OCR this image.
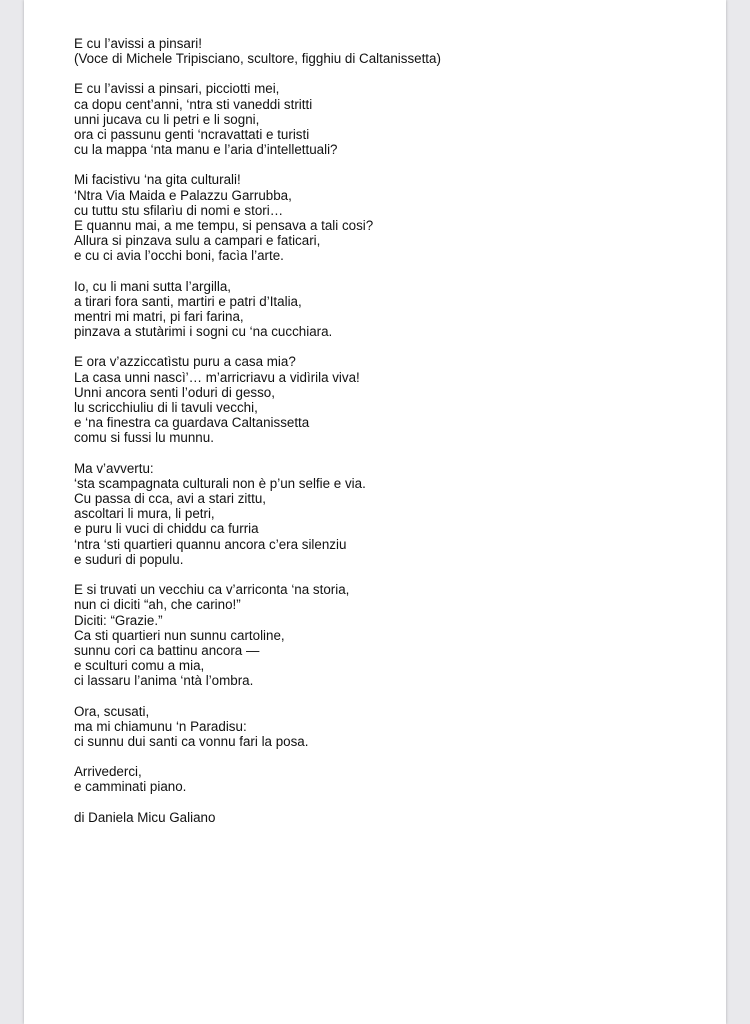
E cu l’avissi a pinsari!
(Voce di Michele Tripisciano, scultore, figghiu di Caltanissetta)
E cu l’avissi a pinsari, picciotti mei,
ca dopu cent’anni, ‘ntra sti vaneddi stritti
unni jucava cu li petri e li sogni,
ora ci passunu genti ‘ncravattati e turisti
cu la mappa ‘nta manu e l’aria d’intellettuali?
Mi facistivu ‘na gita culturali!
‘Ntra Via Maida e Palazzu Garrubba,
cu tuttu stu sfilarìu di nomi e stori…
E quannu mai, a me tempu, si pensava a tali cosi?
Allura si pinzava sulu a campari e faticari,
e cu ci avia l’occhi boni, facìa l’arte.
Io, cu li mani sutta l’argilla,
a tirari fora santi, martiri e patri d’Italia,
mentri mi matri, pi fari farina,
pinzava a stutàrimi i sogni cu ‘na cucchiara.
E ora v’azziccatìstu puru a casa mia?
La casa unni nascì’… m’arricriavu a vidìrila viva!
Unni ancora senti l’oduri di gesso,
lu scricchiuliu di li tavuli vecchi,
e ‘na finestra ca guardava Caltanissetta
comu si fussi lu munnu.
Ma v’avvertu:
‘sta scampagnata culturali non è p’un selfie e via.
Cu passa di cca, avi a stari zittu,
ascoltari li mura, li petri,
e puru li vuci di chiddu ca furria
‘ntra ‘sti quartieri quannu ancora c’era silenziu
e suduri di populu.
E si truvati un vecchiu ca v’arriconta ‘na storia,
nun ci diciti “ah, che carino!”
Diciti: “Grazie.”
Ca sti quartieri nun sunnu cartoline,
sunnu cori ca battinu ancora —
e sculturi comu a mia,
ci lassaru l’anima ‘ntà l’ombra.
Ora, scusati,
ma mi chiamunu ‘n Paradisu:
ci sunnu dui santi ca vonnu fari la posa.
Arrivederci,
e camminati piano.
di Daniela Micu Galiano
